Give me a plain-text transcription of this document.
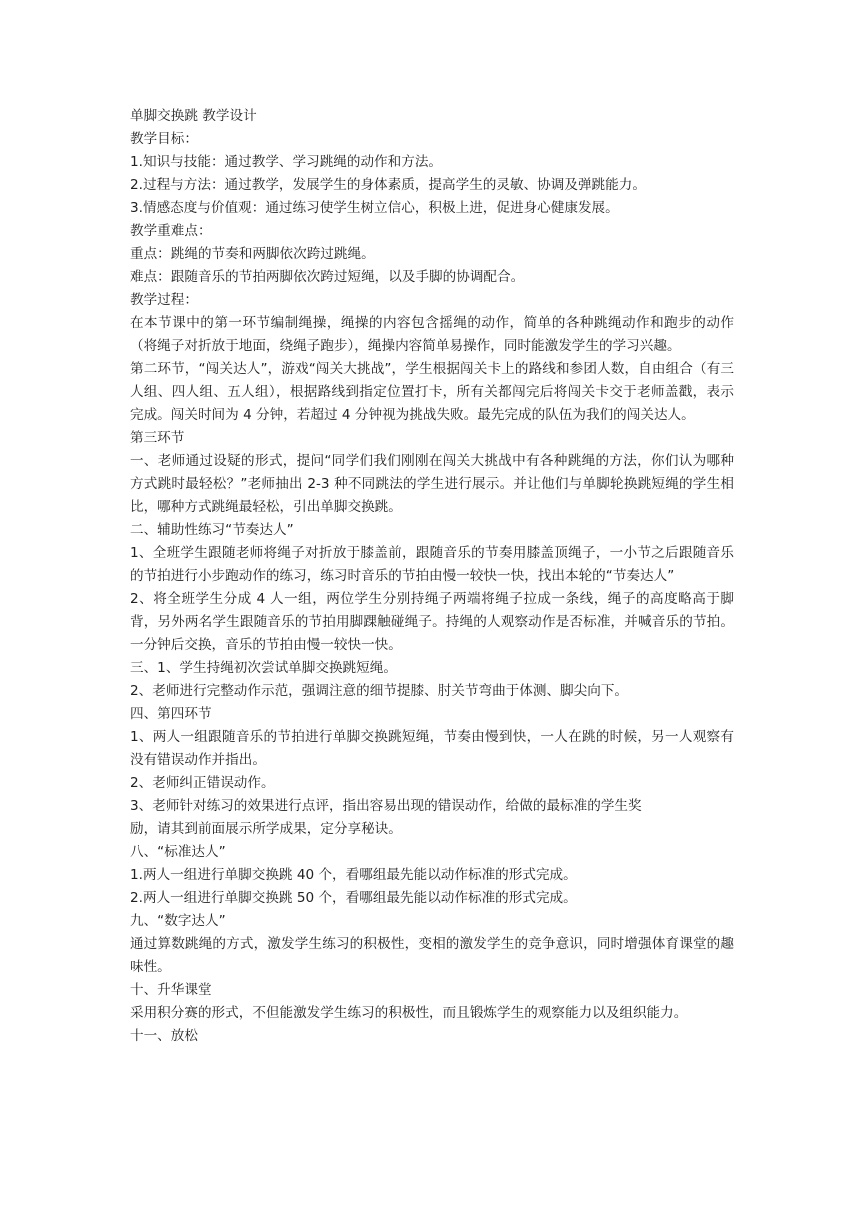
单脚交换跳 教学设计
教学目标：
1.知识与技能：通过教学、学习跳绳的动作和方法。
2.过程与方法：通过教学，发展学生的身体素质，提高学生的灵敏、协调及弹跳能力。
3.情感态度与价值观：通过练习使学生树立信心，积极上进，促进身心健康发展。
教学重难点：
重点：跳绳的节奏和两脚依次跨过跳绳。
难点：跟随音乐的节拍两脚依次跨过短绳，以及手脚的协调配合。
教学过程：
在本节课中的第一环节编制绳操，绳操的内容包含摇绳的动作，简单的各种跳绳动作和跑步的动作（将绳子对折放于地面，绕绳子跑步），绳操内容简单易操作，同时能激发学生的学习兴趣。
第二环节，“闯关达人”，游戏“闯关大挑战”，学生根据闯关卡上的路线和参团人数，自由组合（有三人组、四人组、五人组），根据路线到指定位置打卡，所有关都闯完后将闯关卡交于老师盖戳，表示完成。闯关时间为 4 分钟，若超过 4 分钟视为挑战失败。最先完成的队伍为我们的闯关达人。
第三环节
一、老师通过设疑的形式，提问“同学们我们刚刚在闯关大挑战中有各种跳绳的方法，你们认为哪种方式跳时最轻松？”老师抽出 2-3 种不同跳法的学生进行展示。并让他们与单脚轮换跳短绳的学生相比，哪种方式跳绳最轻松，引出单脚交换跳。
二、辅助性练习“节奏达人”
1、全班学生跟随老师将绳子对折放于膝盖前，跟随音乐的节奏用膝盖顶绳子，一小节之后跟随音乐的节拍进行小步跑动作的练习，练习时音乐的节拍由慢一较快一快，找出本轮的“节奏达人”
2、将全班学生分成 4 人一组，两位学生分别持绳子两端将绳子拉成一条线，绳子的高度略高于脚背，另外两名学生跟随音乐的节拍用脚踝触碰绳子。持绳的人观察动作是否标准，并喊音乐的节拍。一分钟后交换，音乐的节拍由慢一较快一快。
三、1、学生持绳初次尝试单脚交换跳短绳。
2、老师进行完整动作示范，强调注意的细节提膝、肘关节弯曲于体测、脚尖向下。
四、第四环节
1、两人一组跟随音乐的节拍进行单脚交换跳短绳，节奏由慢到快，一人在跳的时候，另一人观察有没有错误动作并指出。
2、老师纠正错误动作。
3、老师针对练习的效果进行点评，指出容易出现的错误动作，给做的最标准的学生奖
励，请其到前面展示所学成果，定分享秘诀。
八、“标准达人”
1.两人一组进行单脚交换跳 40 个，看哪组最先能以动作标准的形式完成。
2.两人一组进行单脚交换跳 50 个，看哪组最先能以动作标准的形式完成。
九、“数字达人”
通过算数跳绳的方式，激发学生练习的积极性，变相的激发学生的竞争意识，同时增强体育课堂的趣味性。
十、升华课堂
采用积分赛的形式，不但能激发学生练习的积极性，而且锻炼学生的观察能力以及组织能力。
十一、放松
